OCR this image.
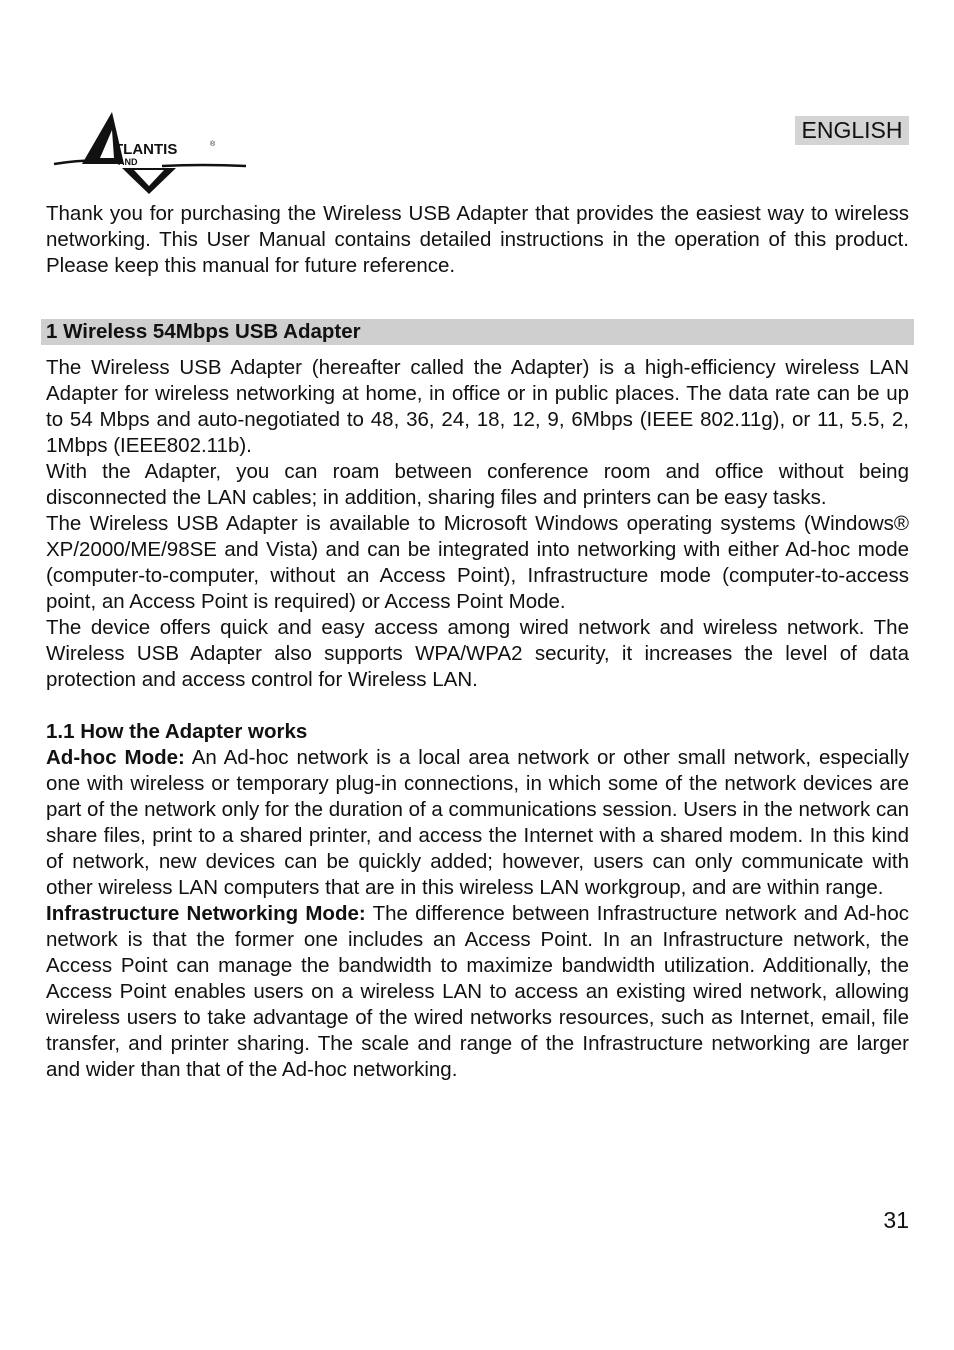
TLANTIS	®
AND
ENGLISH

Thank you for purchasing the Wireless USB Adapter that provides the easiest way to wireless networking. This User Manual contains detailed instructions in the operation of this product. Please keep this manual for future reference.

1 Wireless 54Mbps USB Adapter

The Wireless USB Adapter (hereafter called the Adapter) is a high-efficiency wireless LAN Adapter for wireless networking at home, in office or in public places. The data rate can be up to 54 Mbps and auto-negotiated to 48, 36, 24, 18, 12, 9, 6Mbps (IEEE 802.11g), or 11, 5.5, 2, 1Mbps (IEEE802.11b).

With the Adapter, you can roam between conference room and office without being disconnected the LAN cables; in addition, sharing files and printers can be easy tasks.

The Wireless USB Adapter is available to Microsoft Windows operating systems (Windows® XP/2000/ME/98SE and Vista) and can be integrated into networking with either Ad-hoc mode (computer-to-computer, without an Access Point), Infrastructure mode (computer-to-access point, an Access Point is required) or Access Point Mode.

The device offers quick and easy access among wired network and wireless network. The Wireless USB Adapter also supports WPA/WPA2 security, it increases the level of data protection and access control for Wireless LAN.

1.1 How the Adapter works

Ad-hoc Mode: An Ad-hoc network is a local area network or other small network, especially one with wireless or temporary plug-in connections, in which some of the network devices are part of the network only for the duration of a communications session. Users in the network can share files, print to a shared printer, and access the Internet with a shared modem. In this kind of network, new devices can be quickly added; however, users can only communicate with other wireless LAN computers that are in this wireless LAN workgroup, and are within range.

Infrastructure Networking Mode: The difference between Infrastructure network and Ad-hoc network is that the former one includes an Access Point. In an Infrastructure network, the Access Point can manage the bandwidth to maximize bandwidth utilization. Additionally, the Access Point enables users on a wireless LAN to access an existing wired network, allowing wireless users to take advantage of the wired networks resources, such as Internet, email, file transfer, and printer sharing. The scale and range of the Infrastructure networking are larger and wider than that of the Ad-hoc networking.

31
